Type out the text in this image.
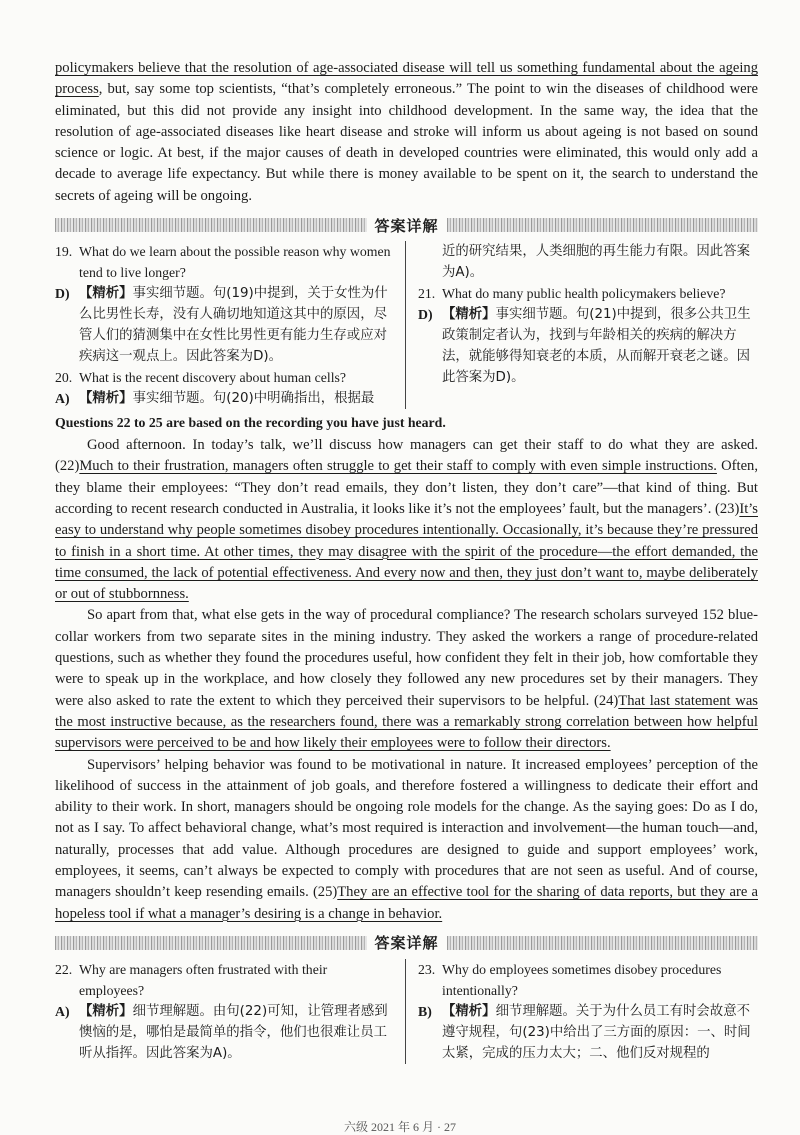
policymakers believe that the resolution of age-associated disease will tell us something fundamental about the ageing process, but, say some top scientists, “that’s completely erroneous.” The point to win the diseases of childhood were eliminated, but this did not provide any insight into childhood development. In the same way, the idea that the resolution of age-associated diseases like heart disease and stroke will inform us about ageing is not based on sound science or logic. At best, if the major causes of death in developed countries were eliminated, this would only add a decade to average life expectancy. But while there is money available to be spent on it, the search to understand the secrets of ageing will be ongoing.

答案详解
19. What do we learn about the possible reason why women tend to live longer?
D) 【精析】事实细节题。句(19)中提到，关于女性为什么比男性长寿，没有人确切地知道这其中的原因，尽管人们的猜测集中在女性比男性更有能力生存或应对疾病这一观点上。因此答案为D)。
20. What is the recent discovery about human cells?
A) 【精析】事实细节题。句(20)中明确指出，根据最
近的研究结果，人类细胞的再生能力有限。因此答案为A)。
21. What do many public health policymakers believe?
D) 【精析】事实细节题。句(21)中提到，很多公共卫生政策制定者认为，找到与年龄相关的疾病的解决方法，就能够得知衰老的本质，从而解开衰老之谜。因此答案为D)。
Questions 22 to 25 are based on the recording you have just heard.

Good afternoon. In today’s talk, we’ll discuss how managers can get their staff to do what they are asked. (22)Much to their frustration, managers often struggle to get their staff to comply with even simple instructions. Often, they blame their employees: “They don’t read emails, they don’t listen, they don’t care”—that kind of thing. But according to recent research conducted in Australia, it looks like it’s not the employees’ fault, but the managers’. (23)It’s easy to understand why people sometimes disobey procedures intentionally. Occasionally, it’s because they’re pressured to finish in a short time. At other times, they may disagree with the spirit of the procedure—the effort demanded, the time consumed, the lack of potential effectiveness. And every now and then, they just don’t want to, maybe deliberately or out of stubbornness.

So apart from that, what else gets in the way of procedural compliance? The research scholars surveyed 152 blue-collar workers from two separate sites in the mining industry. They asked the workers a range of procedure-related questions, such as whether they found the procedures useful, how confident they felt in their job, how comfortable they were to speak up in the workplace, and how closely they followed any new procedures set by their managers. They were also asked to rate the extent to which they perceived their supervisors to be helpful. (24)That last statement was the most instructive because, as the researchers found, there was a remarkably strong correlation between how helpful supervisors were perceived to be and how likely their employees were to follow their directors.

Supervisors’ helping behavior was found to be motivational in nature. It increased employees’ perception of the likelihood of success in the attainment of job goals, and therefore fostered a willingness to dedicate their effort and ability to their work. In short, managers should be ongoing role models for the change. As the saying goes: Do as I do, not as I say. To affect behavioral change, what’s most required is interaction and involvement—the human touch—and, naturally, processes that add value. Although procedures are designed to guide and support employees’ work, employees, it seems, can’t always be expected to comply with procedures that are not seen as useful. And of course, managers shouldn’t keep resending emails. (25)They are an effective tool for the sharing of data reports, but they are a hopeless tool if what a manager’s desiring is a change in behavior.

答案详解
22. Why are managers often frustrated with their employees?
A) 【精析】细节理解题。由句(22)可知，让管理者感到懊恼的是，哪怕是最简单的指令，他们也很难让员工听从指挥。因此答案为A)。
23. Why do employees sometimes disobey procedures intentionally?
B) 【精析】细节理解题。关于为什么员工有时会故意不遵守规程，句(23)中给出了三方面的原因：一、时间太紧，完成的压力太大；二、他们反对规程的
六级 2021 年 6 月 · 27
